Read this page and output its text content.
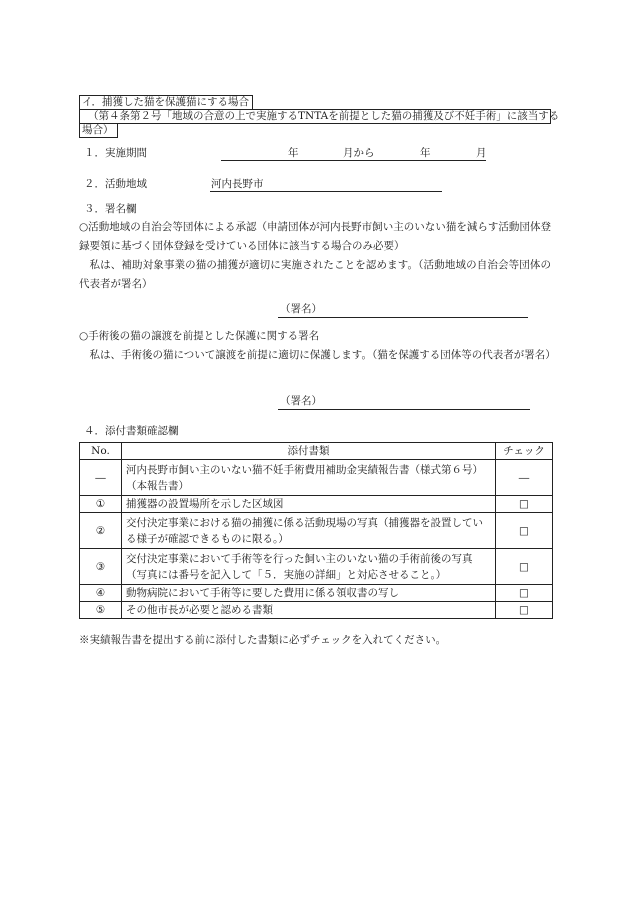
イ．捕獲した猫を保護猫にする場合
（第４条第２号「地域の合意の上で実施するTNTAを前提とした猫の捕獲及び不妊手術」に該当する
場合）
１．実施期間	年	月から	年	月
２．活動地域	河内長野市
３．署名欄
○活動地域の自治会等団体による承認（申請団体が河内長野市飼い主のいない猫を減らす活動団体登録要領に基づく団体登録を受けている団体に該当する場合のみ必要）
私は、補助対象事業の猫の捕獲が適切に実施されたことを認めます。（活動地域の自治会等団体の代表者が署名）
（署名）
○手術後の猫の譲渡を前提とした保護に関する署名
私は、手術後の猫について譲渡を前提に適切に保護します。（猫を保護する団体等の代表者が署名）
（署名）
４．添付書類確認欄
No.	添付書類	チェック
―	河内長野市飼い主のいない猫不妊手術費用補助金実績報告書（様式第６号）（本報告書）	―
①	捕獲器の設置場所を示した区域図	□
②	交付決定事業における猫の捕獲に係る活動現場の写真（捕獲器を設置している様子が確認できるものに限る。）	□
③	交付決定事業において手術等を行った飼い主のいない猫の手術前後の写真（写真には番号を記入して「５．実施の詳細」と対応させること。）	□
④	動物病院において手術等に要した費用に係る領収書の写し	□
⑤	その他市長が必要と認める書類	□
※実績報告書を提出する前に添付した書類に必ずチェックを入れてください。
